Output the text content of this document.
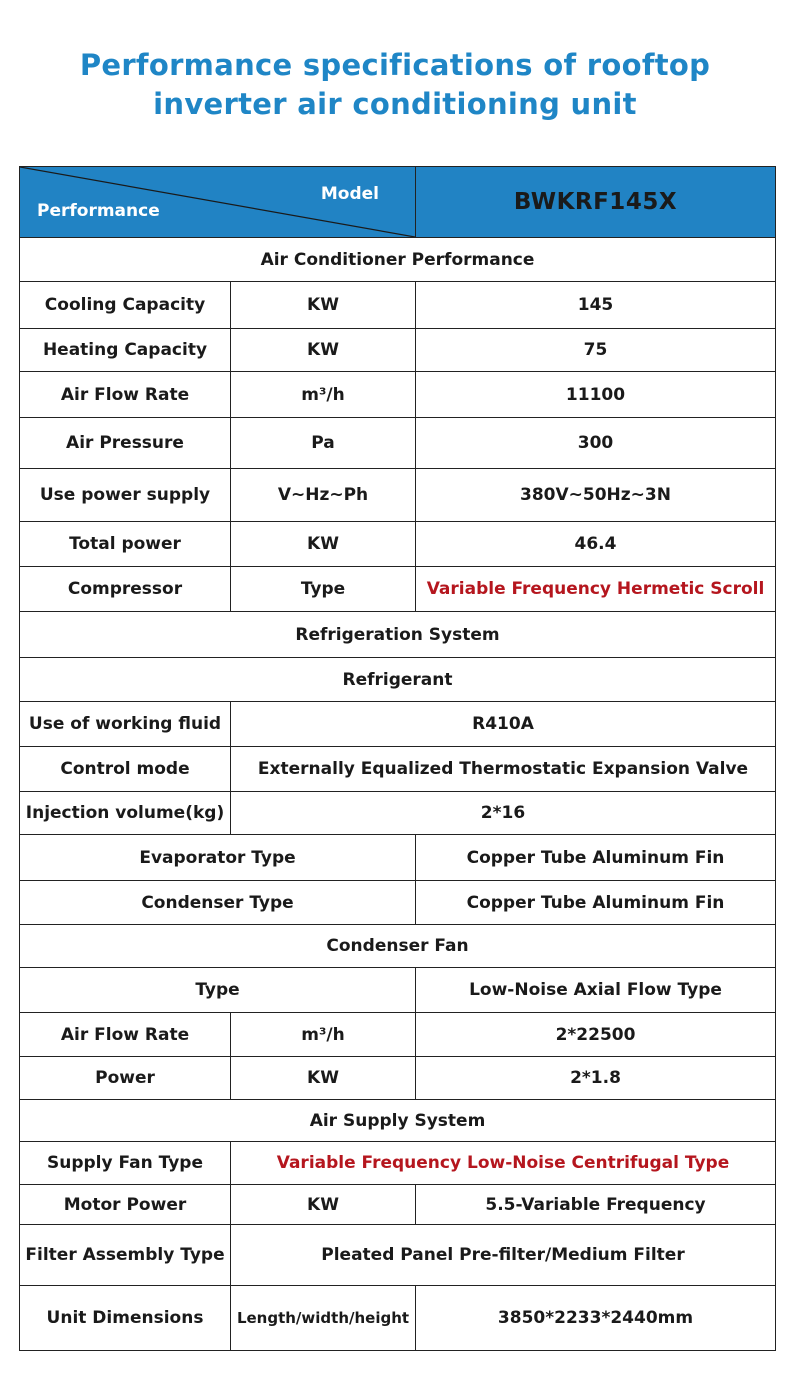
Performance specifications of rooftop
inverter air conditioning unit
Model
Performance		BWKRF145X
Air Conditioner Performance		
Cooling Capacity	KW	145
Heating Capacity	KW	75
Air Flow Rate	m³/h	11100
Air Pressure	Pa	300
Use power supply	V~Hz~Ph	380V~50Hz~3N
Total power	KW	46.4
Compressor	Type	Variable Frequency Hermetic Scroll
Refrigeration System		
Refrigerant		
Use of working fluid	R410A	
Control mode	Externally Equalized Thermostatic Expansion Valve	
Injection volume(kg)	2*16	
Evaporator Type		Copper Tube Aluminum Fin
Condenser Type		Copper Tube Aluminum Fin
Condenser Fan		
Type		Low-Noise Axial Flow Type
Air Flow Rate	m³/h	2*22500
Power	KW	2*1.8
Air Supply System		
Supply Fan Type	Variable Frequency Low-Noise Centrifugal Type	
Motor Power	KW	5.5-Variable Frequency
Filter Assembly Type	Pleated Panel Pre-filter/Medium Filter	
Unit Dimensions	Length/width/height	3850*2233*2440mm
